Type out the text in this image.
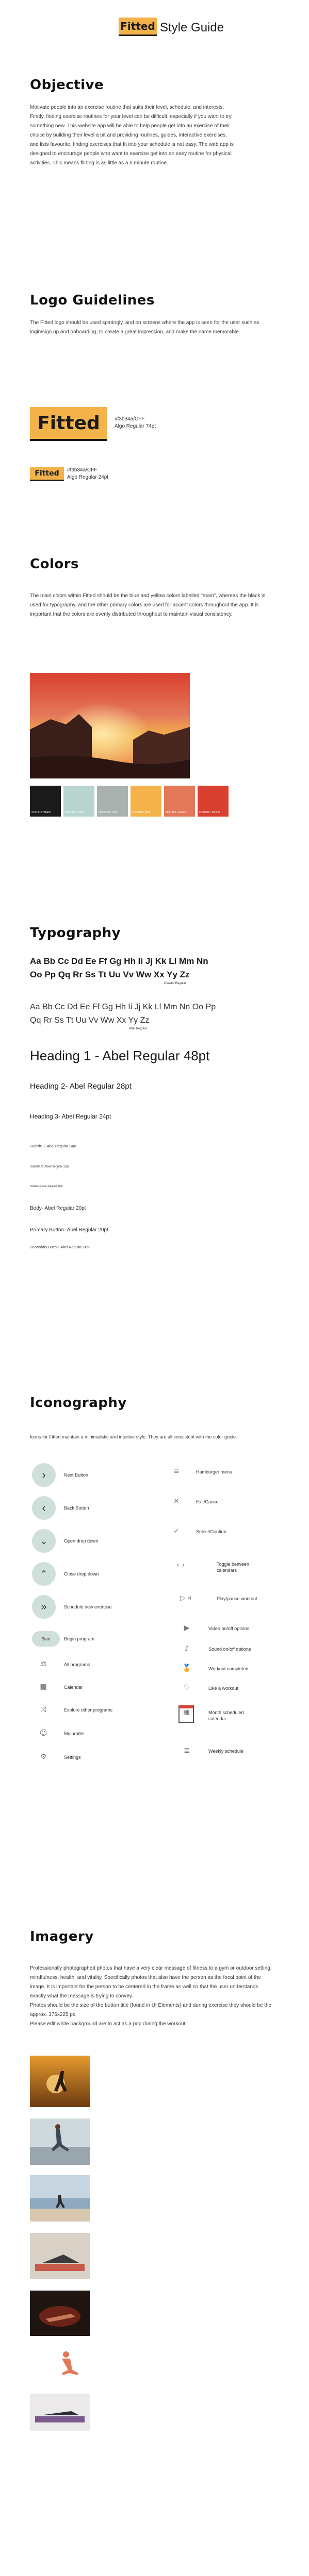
Fitted Style Guide
Objective
Motivate people into an exercise routine that suits their level, schedule, and interests. Firstly, finding exercise routines for your level can be difficult, especially if you want to try something new. This website app will be able to help people get into an exercise of their choice by building their level a bit and providing routines, guides, interactive exercises, and lists favourite, finding exercises that fit into your schedule is not easy. The web app is designed to encourage people who want to exercise get into an easy routine for physical activities. This means flirting is as little as a 5 minute routine.
Logo Guidelines
The Fitted logo should be used sparingly, and on screens where the app is seen for the user such as login/sign up and onboarding, to create a great impression, and make the name memorable.
Fitted	#f3b34a/CFF
Algo Regular 74pt
Fitted #f3b34a/CFF
Algo Regular 24pt
Colors
The main colors within Fitted should be the blue and yellow colors labelled "main", whereas the black is used for typography, and the other primary colors are used for accent colors throughout the app. It is important that the colors are evenly distributed throughout to maintain visual consistency.
#1A1A1A / Black	#B8D4CE / Main	#AAB2B0 / Grey	#F3B34A / Main	#E4785A / Accent	#D9402F / Accent
Typography
Aa Bb Cc Dd Ee Ff Gg Hh Ii Jj Kk Ll Mm Nn
Oo Pp Qq Rr Ss Tt Uu Vv Ww Xx Yy Zz
Oswald Regular
Aa Bb Cc Dd Ee Ff Gg Hh Ii Jj Kk Ll Mm Nn Oo Pp
Qq Rr Ss Tt Uu Vv Ww Xx Yy Zz
Abel Regular
Heading 1 - Abel Regular 48pt
Heading 2- Abel Regular 28pt
Heading 3- Abel Regular 24pt
Subtitle 1- Abel Regular 14pt
Subtitle 2- Abel Regular 12pt
Subtitle 3- Abel Regular 10pt
Body- Abel Regular 20pt
Primary Button- Abel Regular 20pt
Secondary Button- Abel Regular 14pt
Iconography
Icons for Fitted maintain a minimalistic and intuitive style. They are all consistent with the color guide.
›	Next Button
‹	Back Button
⌄	Open drop down
⌃	Close drop down
»	Schedule new exercise
Start	Begin program
⚖	All programs
▦	Calendar
⤨	Explore other programs
☺	My profile
⚙	Settings
≡	Hamburger menu
✕	Exit/Cancel
✓	Select/Confirm
‹ ›	Toggle between calendars
▷ ⏸	Play/pause workout
▶	Video on/off options
♪	Sound on/off options
🏅	Workout completed
♡	Like a workout
▦	Month scheduled calendar
≣	Weekly schedule
Imagery
Professionally photographed photos that have a very clear message of fitness to a gym or outdoor setting, mindfulness, health, and vitality. Specifically photos that also have the person as the focal point of the image. It is important for the person to be centered in the frame as well so that the user understands exactly what the message is trying to convey.
Photos should be the size of the button title (found in UI Elements) and during exercise they should be the approx. 375x225 px.
Please edit white background are to act as a pop during the workout.
